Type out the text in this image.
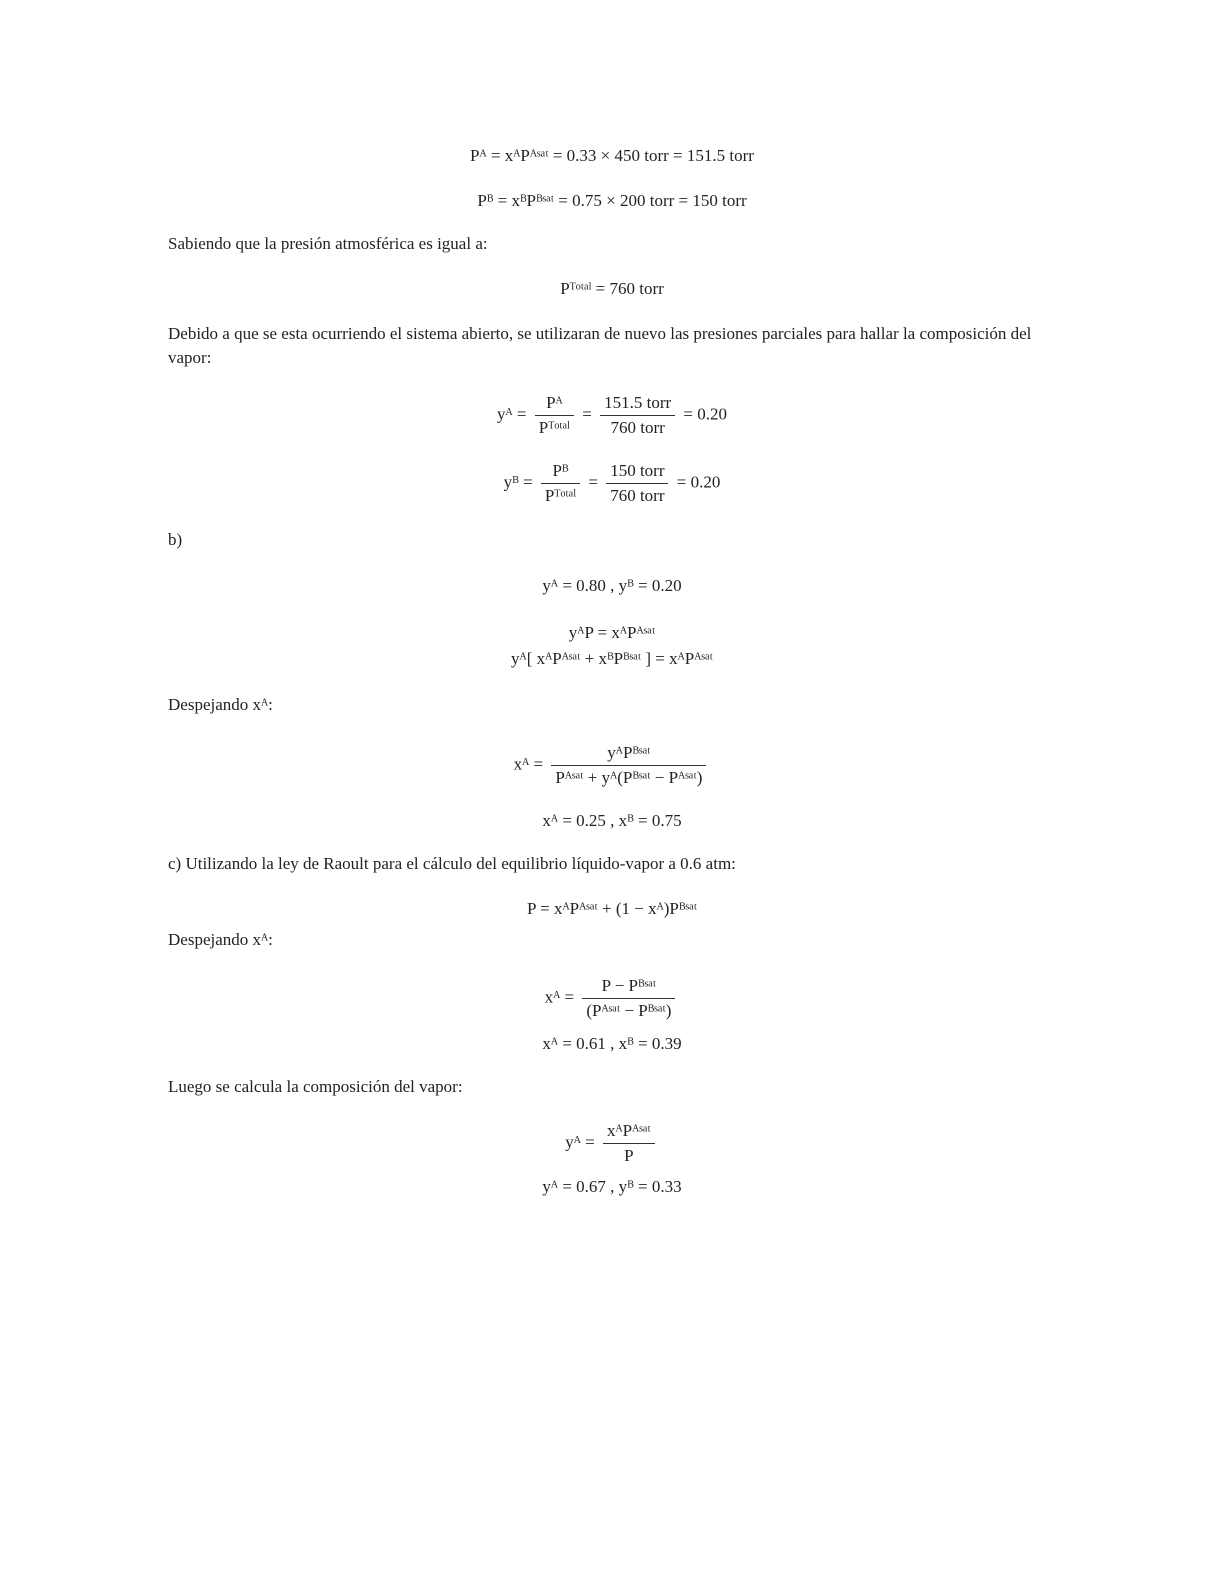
Pᴬ = xᴬPᴬˢᵃᵗ = 0.33 × 450 torr = 151.5 torr
Pᴮ = xᴮPᴮˢᵃᵗ = 0.75 × 200 torr = 150 torr
Sabiendo que la presión atmosférica es igual a:
Pᵀᵒᵗᵃˡ = 760 torr
Debido a que se esta ocurriendo el sistema abierto, se utilizaran de nuevo las presiones parciales para hallar la composición del vapor:
yᴬ = $\frac{\text{Pᴬ}}{\text{Pᵀᵒᵗᵃˡ}} = \frac{\text{151.5 torr}}{\text{760 torr}} = 0.20$
yᴮ = $\frac{\text{Pᴮ}}{\text{Pᵀᵒᵗᵃˡ}} = \frac{\text{150 torr}}{\text{760 torr}} = 0.20$
b)
yᴬ = 0.80 , yᴮ = 0.20
yᴬP = xᴬPᴬˢᵃᵗ
yᴬ[ xᴬPᴬˢᵃᵗ + xᴮPᴮˢᵃᵗ ] = xᴬPᴬˢᵃᵗ
Despejando xᴬ:
xᴬ = $\frac{\text{yᴬPᴮˢᵃᵗ}}{\text{Pᴬˢᵃᵗ + yᴬ(Pᴮˢᵃᵗ − Pᴬˢᵃᵗ)}}$
xᴬ = 0.25 , xᴮ = 0.75
c) Utilizando la ley de Raoult para el cálculo del equilibrio líquido-vapor a 0.6 atm:
P = xᴬPᴬˢᵃᵗ + (1 − xᴬ)Pᴮˢᵃᵗ
Despejando xᴬ:
xᴬ = $\frac{\text{P − Pᴮˢᵃᵗ}}{\text{(Pᴬˢᵃᵗ − Pᴮˢᵃᵗ)}}$
xᴬ = 0.61 , xᴮ = 0.39
Luego se calcula la composición del vapor:
yᴬ = $\frac{\text{xᴬPᴬˢᵃᵗ}}{P}$
yᴬ = 0.67 , yᴮ = 0.33
